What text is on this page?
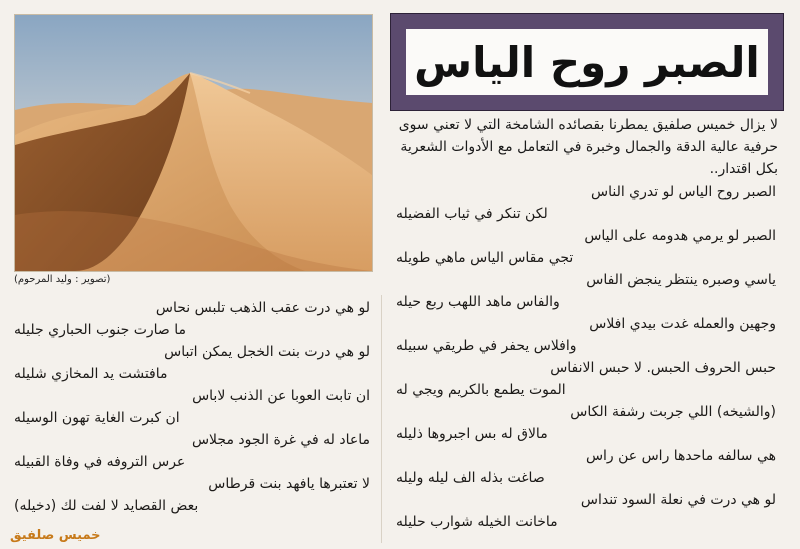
(تصوير : وليد المرحوم)
الصبر روح الياس

لا يزال خميس صلفيق يمطرنا بقصائده الشامخة التي لا تعني سوى حرفية عالية الدقة والجمال وخبرة في التعامل مع الأدوات الشعرية بكل اقتدار..

الصبر روح الياس لو تدري الناس
لكن تنكر في ثياب الفضيله
الصبر لو يرمي هدومه على الياس
تجي مقاس الياس ماهي طويله
ياسي وصبره ينتظر ينجض الفاس
والفاس ماهد اللهب ربع حيله
وجهين والعمله غدت بيدي افلاس
وافلاس يحفر في طريقي سبيله
حبس الحروف الحبس. لا حبس الانفاس
الموت يطمع بالكريم ويجي له
(والشيخه) اللي جربت رشفة الكاس
مالاق له بس اجبروها ذليله
هي سالفه ماحدها راس عن راس
صاغت بذله الف ليله وليله
لو هي درت في نعلة السود تنداس
ماخانت الخيله شوارب حليله
لو هي درت عقب الذهب تلبس نحاس
ما صارت جنوب الحباري جليله
لو هي درت بنت الخجل يمكن اتباس
مافتشت يد المخازي شليله
ان تابت العوبا عن الذنب لاباس
ان كبرت الغاية تهون الوسيله
ماعاد له في غرة الجود مجلاس
عرس التروفه في وفاة القبيله
لا تعتبرها يافهد بنت قرطاس
بعض القصايد لا لفت لك (دخيله)
خميس صلفيق
